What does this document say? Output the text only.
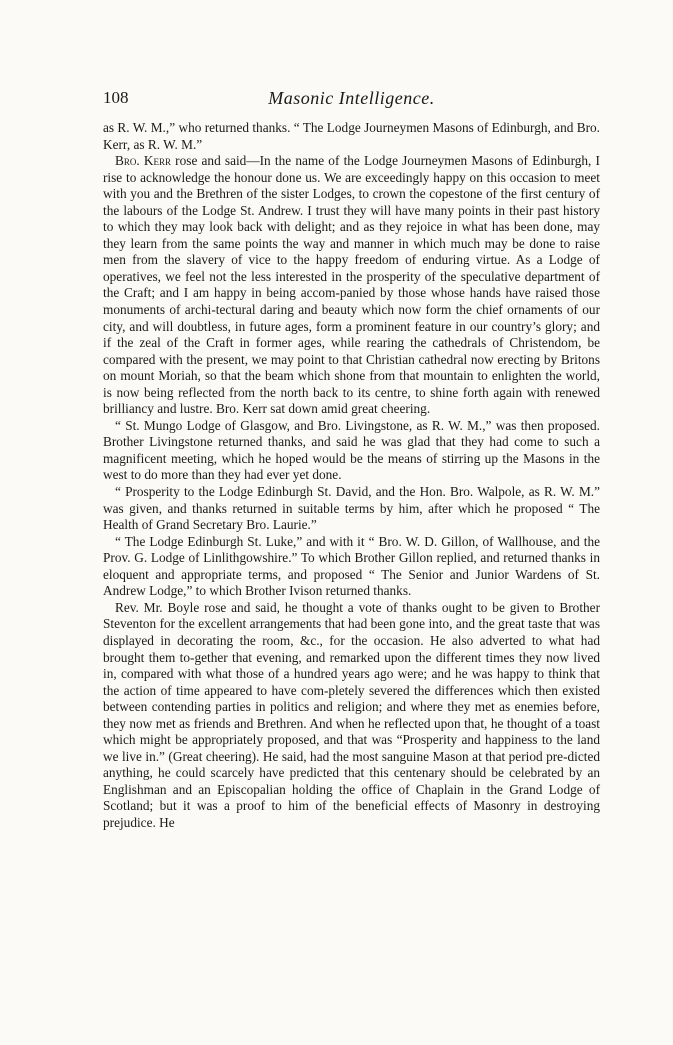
108	Masonic Intelligence.

as R. W. M.,” who returned thanks. “ The Lodge Journeymen Masons of Edinburgh, and Bro. Kerr, as R. W. M.”

Bro. Kerr rose and said—In the name of the Lodge Journeymen Masons of Edinburgh, I rise to acknowledge the honour done us. We are exceedingly happy on this occasion to meet with you and the Brethren of the sister Lodges, to crown the copestone of the first century of the labours of the Lodge St. Andrew. I trust they will have many points in their past history to which they may look back with delight; and as they rejoice in what has been done, may they learn from the same points the way and manner in which much may be done to raise men from the slavery of vice to the happy freedom of enduring virtue. As a Lodge of operatives, we feel not the less interested in the prosperity of the speculative department of the Craft; and I am happy in being accom-panied by those whose hands have raised those monuments of archi-tectural daring and beauty which now form the chief ornaments of our city, and will doubtless, in future ages, form a prominent feature in our country’s glory; and if the zeal of the Craft in former ages, while rearing the cathedrals of Christendom, be compared with the present, we may point to that Christian cathedral now erecting by Britons on mount Moriah, so that the beam which shone from that mountain to enlighten the world, is now being reflected from the north back to its centre, to shine forth again with renewed brilliancy and lustre. Bro. Kerr sat down amid great cheering.

“ St. Mungo Lodge of Glasgow, and Bro. Livingstone, as R. W. M.,” was then proposed. Brother Livingstone returned thanks, and said he was glad that they had come to such a magnificent meeting, which he hoped would be the means of stirring up the Masons in the west to do more than they had ever yet done.

“ Prosperity to the Lodge Edinburgh St. David, and the Hon. Bro. Walpole, as R. W. M.” was given, and thanks returned in suitable terms by him, after which he proposed “ The Health of Grand Secretary Bro. Laurie.”

“ The Lodge Edinburgh St. Luke,” and with it “ Bro. W. D. Gillon, of Wallhouse, and the Prov. G. Lodge of Linlithgowshire.” To which Brother Gillon replied, and returned thanks in eloquent and appropriate terms, and proposed “ The Senior and Junior Wardens of St. Andrew Lodge,” to which Brother Ivison returned thanks.

Rev. Mr. Boyle rose and said, he thought a vote of thanks ought to be given to Brother Steventon for the excellent arrangements that had been gone into, and the great taste that was displayed in decorating the room, &c., for the occasion. He also adverted to what had brought them to-gether that evening, and remarked upon the different times they now lived in, compared with what those of a hundred years ago were; and he was happy to think that the action of time appeared to have com-pletely severed the differences which then existed between contending parties in politics and religion; and where they met as enemies before, they now met as friends and Brethren. And when he reflected upon that, he thought of a toast which might be appropriately proposed, and that was “Prosperity and happiness to the land we live in.” (Great cheering). He said, had the most sanguine Mason at that period pre-dicted anything, he could scarcely have predicted that this centenary should be celebrated by an Englishman and an Episcopalian holding the office of Chaplain in the Grand Lodge of Scotland; but it was a proof to him of the beneficial effects of Masonry in destroying prejudice. He
